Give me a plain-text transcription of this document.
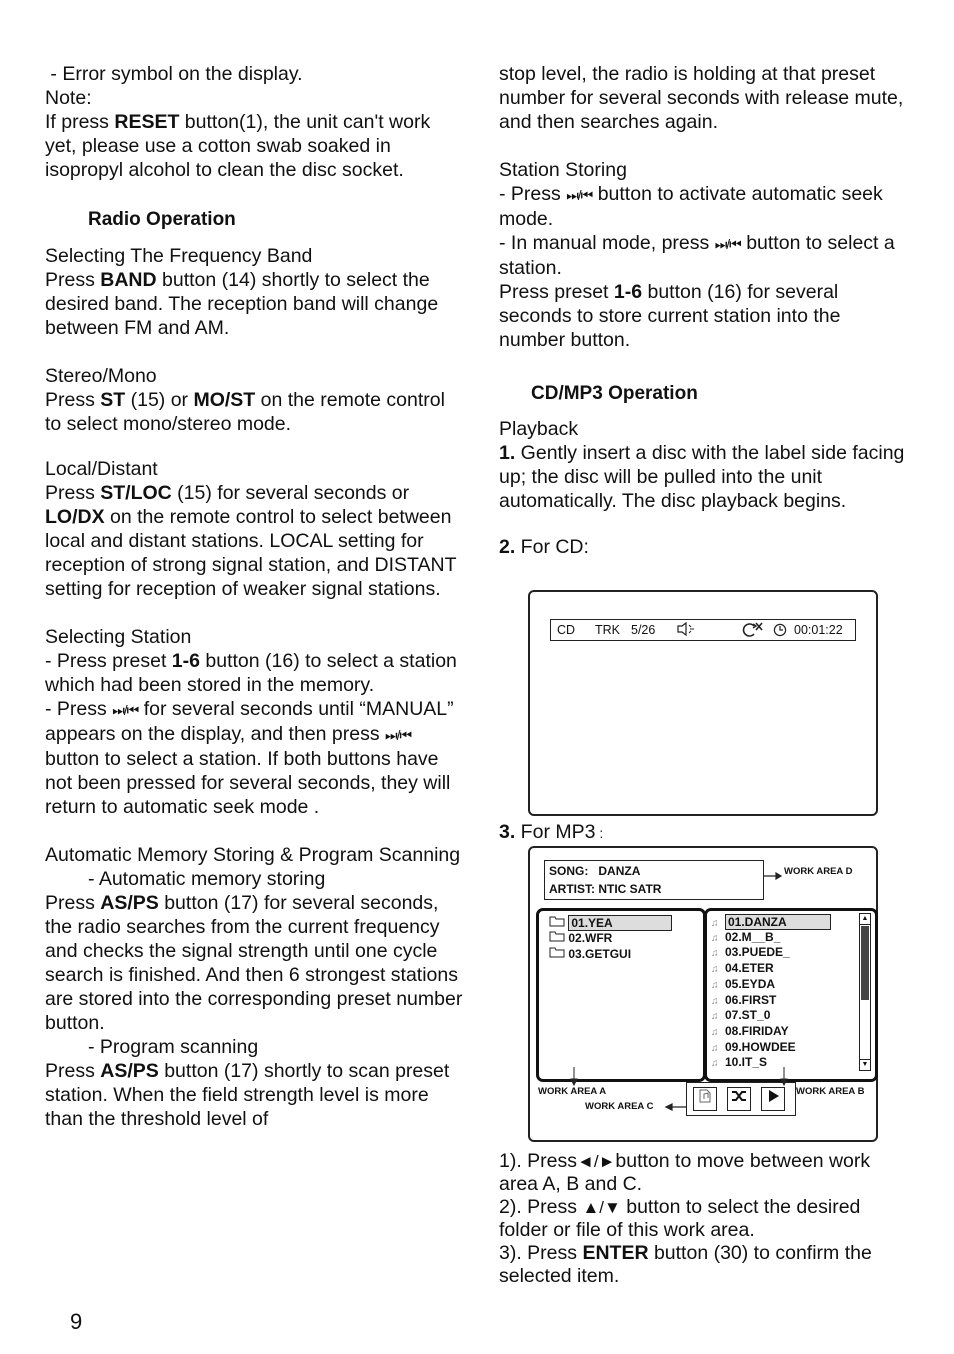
- Error symbol on the display.

Note:

If press RESET button(1), the unit can't work yet, please use a cotton swab soaked in isopropyl alcohol to clean the disc socket.

Radio Operation

Selecting The Frequency Band

Press BAND button (14) shortly to select the desired band. The reception band will change between FM and AM.

Stereo/Mono

Press ST (15) or MO/ST on the remote control to select mono/stereo mode.

Local/Distant

Press ST/LOC (15) for several seconds or LO/DX on the remote control to select between local and distant stations. LOCAL setting for reception of strong signal station, and DISTANT setting for reception of weaker signal stations.

Selecting Station

- Press preset 1-6 button (16) to select a station which had been stored in the memory.

- Press ⏭/⏮ for several seconds until “MANUAL” appears on the display, and then press ⏭/⏮ button to select a station. If both buttons have not been pressed for several seconds, they will return to automatic seek mode .

Automatic Memory Storing & Program Scanning

- Automatic memory storing

Press AS/PS button (17) for several seconds, the radio searches from the current frequency and checks the signal strength until one cycle search is finished. And then 6 strongest stations are stored into the corresponding preset number button.

- Program scanning

Press AS/PS button (17) shortly to scan preset station. When the field strength level is more than the threshold level of

stop level, the radio is holding at that preset number for several seconds with release mute, and then searches again.

Station Storing

- Press ⏭/⏮ button to activate automatic seek mode.

- In manual mode, press ⏭/⏮ button to select a station.

Press preset 1-6 button (16) for several seconds to store current station into the number button.

CD/MP3 Operation

Playback

1. Gently insert a disc with the label side facing up; the disc will be pulled into the unit automatically. The disc playback begins.

2. For CD:

3. For MP3 :

CD TRK 5/26	00:01:22
SONG: DANZA
ARTIST: NTIC SATR
WORK AREA D
01.YEA
02.WFR
03.GETGUI
♫ 01.DANZA
♫ 02.M__B_
♫ 03.PUEDE_
♫ 04.ETER
♫ 05.EYDA
♫ 06.FIRST
♫ 07.ST_0
♫ 08.FIRIDAY
♫ 09.HOWDEE
♫ 10.IT_S
▲
▼
WORK AREA A
WORK AREA C
WORK AREA B

1). Press◄/►button to move between work area A, B and C.

2). Press ▲/▼ button to select the desired folder or file of this work area.

3). Press ENTER button (30) to confirm the selected item.

9
